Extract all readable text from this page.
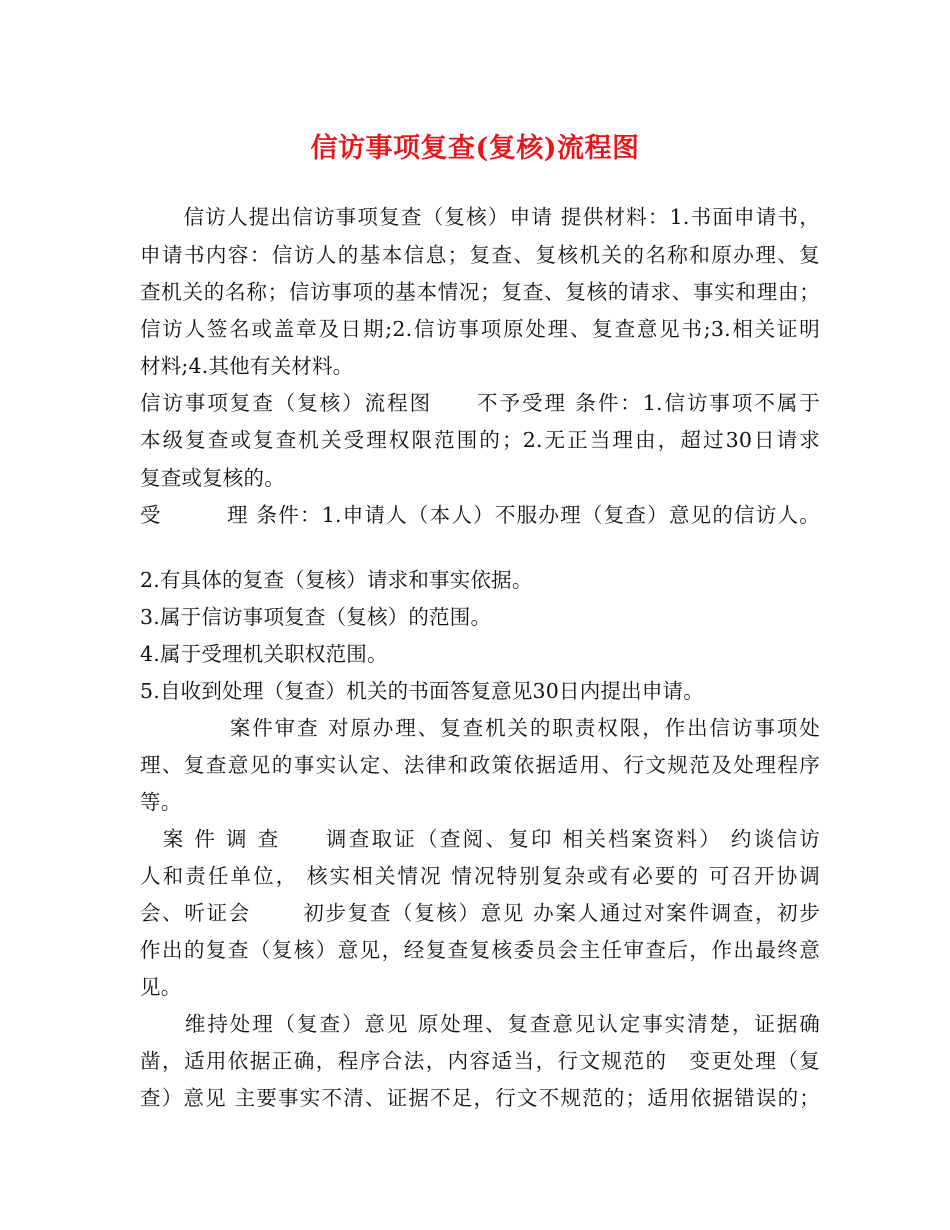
信访事项复查(复核)流程图
　　信访人提出信访事项复查（复核）申请 提供材料：1.书面申请书，
申请书内容：信访人的基本信息；复查、复核机关的名称和原办理、复
查机关的名称；信访事项的基本情况；复查、复核的请求、事实和理由；
信访人签名或盖章及日期;2.信访事项原处理、复查意见书;3.相关证明
材料;4.其他有关材料。
信访事项复查（复核）流程图　　不予受理 条件：1.信访事项不属于
本级复查或复查机关受理权限范围的；2.无正当理由，超过30日请求
复查或复核的。
受　　　理 条件：1.申请人（本人）不服办理（复查）意见的信访人。
2.有具体的复查（复核）请求和事实依据。
3.属于信访事项复查（复核）的范围。
4.属于受理机关职权范围。
5.自收到处理（复查）机关的书面答复意见30日内提出申请。
　　　　案件审查 对原办理、复查机关的职责权限，作出信访事项处
理、复查意见的事实认定、法律和政策依据适用、行文规范及处理程序
等。
　案 件 调 查　　调查取证（查阅、复印 相关档案资料） 约谈信访
人和责任单位， 核实相关情况 情况特别复杂或有必要的 可召开协调
会、听证会　　 初步复查（复核）意见 办案人通过对案件调查，初步
作出的复查（复核）意见，经复查复核委员会主任审查后，作出最终意
见。
　　维持处理（复查）意见 原处理、复查意见认定事实清楚，证据确
凿，适用依据正确，程序合法，内容适当，行文规范的　变更处理（复
查）意见 主要事实不清、证据不足，行文不规范的；适用依据错误的；
